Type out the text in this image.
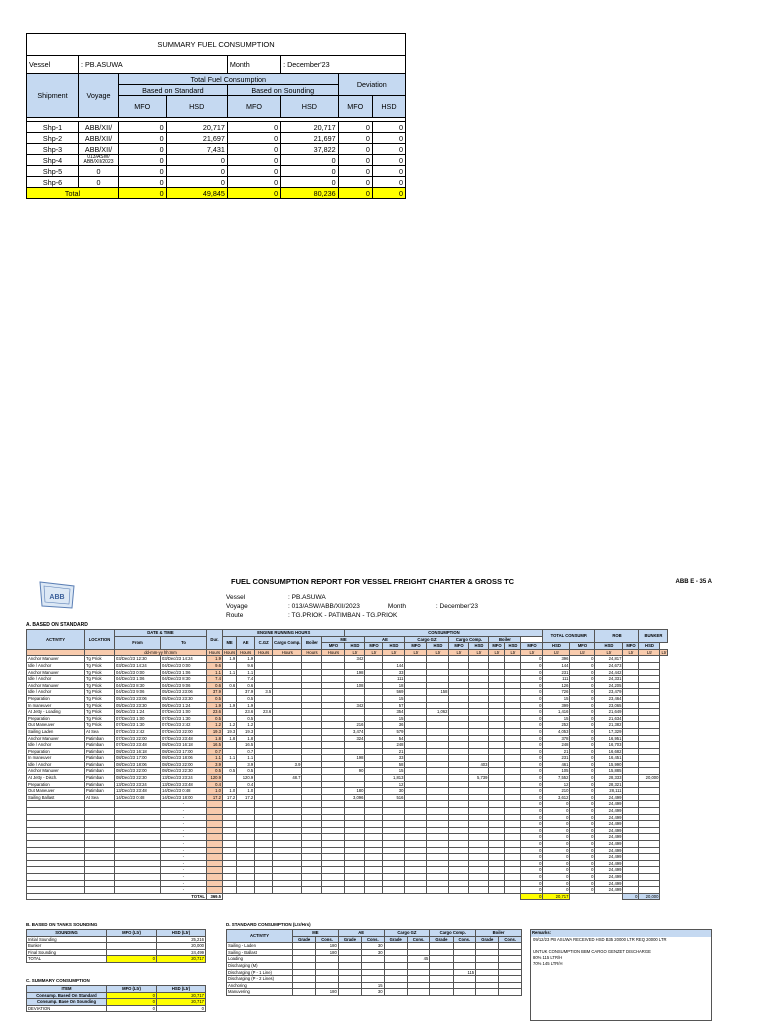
SUMMARY FUEL CONSUMPTION							
Vessel	: PB.ASUWA			Month	: December'23		
Shipment	Voyage	Total Fuel Consumption				Deviation	
		Based on Standard		Based on Sounding			
		MFO	HSD	MFO	HSD	MFO	HSD

Shp-1	ABB/XII/	0	20,717	0	20,717	0	0
Shp-2	ABB/XII/	0	21,697	0	21,697	0	0
Shp-3	ABB/XII/	0	7,431	0	37,822	0	0
Shp-4	013/ASW/ ABB/XII/2023	0	0	0	0	0	0
Shp-5	0	0	0	0	0	0	0
Shp-6	0	0	0	0	0	0	0
Total		0	49,845	0	80,236	0	0
ABB
FUEL CONSUMPTION REPORT FOR VESSEL FREIGHT CHARTER & GROSS TC	ABB E - 35 A
Vessel	: PB.ASUWA
Voyage	: 013/ASW/ABB/XII/2023	Month	: December'23
Route	: TG.PRIOK - PATIMBAN - TG.PRIOK
A. BASED ON STANDARD
ACTIVITY	LOCATION	DATE & TIME		Dur.	ENGINE RUNNING HOURS						CONSUMPTION										TOTAL CONSUMP.		ROB		BUNKER	
		From	To		ME	AE	C.GZ	Cargo Comp.	Boiler	ME		AE		Cargo GZ		Cargo Comp.		Boiler								
										MFO	HSD	MFO	HSD	MFO	HSD	MFO	HSD	MFO	HSD	MFO	HSD	MFO	HSD	MFO	HSD	
		dd-mm-yy hh:mm		Hours	Hours	Hours	Hours	Hours	Hours	Hours	Ltr	Ltr	Ltr	Ltr	Ltr	Ltr	Ltr	Ltr	Ltr	Ltr	Ltr	Ltr	Ltr	Ltr	Ltr	Ltr
Anchor Manuver	Tg Priok	03/Dec/23 12:30	03/Dec/23 14:24	1.9	1.9	1.9					342									0	396	0	24,817			
Idle / Anchor	Tg Priok	03/Dec/23 14:24	04/Dec/23 0:00	9.6		9.6							144							0	144	0	24,673			
Anchor Manuver	Tg Priok	04/Dec/23 0:00	04/Dec/23 1:06	1.1	1.1	1.1					198		33							0	231	0	24,442			
Idle / Anchor	Tg Priok	04/Dec/23 1:06	04/Dec/23 8:30	7.4		7.4							111							0	111	0	24,331			
Anchor Manuver	Tg Priok	04/Dec/23 8:30	04/Dec/23 9:06	0.6	0.6	0.6					108		18							0	126	0	24,205			
Idle / Anchor	Tg Priok	04/Dec/23 9:06	05/Dec/23 23:06	37.9		37.9	3.5						569		158					0	726	0	23,479			
Preparation	Tg Priok	05/Dec/23 23:06	05/Dec/23 23:30	0.5		0.5							15							0	15	0	23,464			
In maneuver	Tg Priok	05/Dec/23 23:30	06/Dec/23 1:24	1.9	1.9	1.9					342		57							0	399	0	23,065			
At Jetty - Loading	Tg Priok	06/Dec/23 1:24	07/Dec/23 1:00	23.6		23.6	23.6						354		1,062					0	1,416	0	21,649			
Preparation	Tg Priok	07/Dec/23 1:00	07/Dec/23 1:30	0.5		0.5							15							0	15	0	21,634			
Out Maneuver	Tg Priok	07/Dec/23 1:30	07/Dec/23 2:42	1.2	1.2	1.2					216		36							0	252	0	21,382			
Sailing Laden	At Sea	07/Dec/23 2:42	07/Dec/23 22:00	19.3	19.3	19.3					3,474		579							0	4,053	0	17,329			
Anchor Manuver	Patimban	07/Dec/23 22:00	07/Dec/23 23:48	1.8	1.8	1.8					324		54							0	378	0	16,951			
Idle / Anchor	Patimban	07/Dec/23 23:48	08/Dec/23 16:18	16.5		16.5							248							0	248	0	16,703			
Preparation	Patimban	08/Dec/23 16:18	08/Dec/23 17:00	0.7		0.7							21							0	21	0	16,682			
In maneuver	Patimban	08/Dec/23 17:00	08/Dec/23 18:06	1.1	1.1	1.1					198		33							0	231	0	16,451			
Idle / Anchor	Patimban	08/Dec/23 18:06	08/Dec/23 22:00	3.9		3.9		3.9					58				403			0	461	0	15,990			
Anchor Manuver	Patimban	08/Dec/23 22:00	08/Dec/23 22:30	0.5	0.5	0.5					90		15							0	105	0	15,885			
At Jetty - Disch.	Patimban	08/Dec/23 22:30	13/Dec/23 23:24	120.9		120.9		48.7					1,813				5,739			0	7,552	0	28,333		20,000	
Preparation	Patimban	13/Dec/23 23:24	13/Dec/23 23:48	0.4		0.4							12							0	12	0	28,321			
Out Maneuver	Patimban	13/Dec/23 23:48	14/Dec/23 0:48	1.0	1.0	1.0					180		30							0	210	0	28,111			
Sailing Ballast	At Sea	14/Dec/23 0:48	14/Dec/23 18:00	17.2	17.2	17.2					3,096		516							0	3,612	0	24,499			
			-																	0	0	0	24,499			
			-																	0	0	0	24,499			
			-																	0	0	0	24,499			
			-																	0	0	0	24,499			
			-																	0	0	0	24,499			
			-																	0	0	0	24,499			
			-																	0	0	0	24,499			
			-																	0	0	0	24,499			
			-																	0	0	0	24,499			
			-																	0	0	0	24,499			
			-																	0	0	0	24,499			
			-																	0	0	0	24,499			
			-																	0	0	0	24,499			
			-																	0	0	0	24,499			
TOTAL				369.5																0	20,717			0	20,000	
B. BASED ON TANKS SOUNDING
SOUNDING	MFO (Ltr)	HSD (Ltr)
Initial Sounding		25,216
Bunker		20,000
Final Sounding		24,499
TOTAL	0	20,717
C. SUMMARY CONSUMPTION
ITEM	MFO (Ltr)	HSD (Ltr)
Consump. Based On Standard	0	20,717
Consump. Base On Sounding	0	20,717
DEVIATION	0	0
D. STANDARD CONSUMPTION (Ltr/Hrs)
ACTIVITY	ME		AE		Cargo GZ		Cargo Comp.		Boiler	
	Grade	Cons.	Grade	Cons.	Grade	Cons.	Grade	Cons.	Grade	Cons.
Sailing - Laden		180		30						
Sailing - Ballast		180		30						
Loading						45				
Discharging (M)										
Discharging (P - 1 Line)								115		
Discharging (P - 2 Lines)										
Anchoring				15						
Manuvering		180		30						
Remarks:
09/12/23 PB ASUWA RECEIVED HSD B35 20000 LTR REQ 20000 LTR
UNTUK CONSUMPTION BBM CARGO GENZET DISCHARGE
80% 115 LTR/H
70% 145 LTR/H
